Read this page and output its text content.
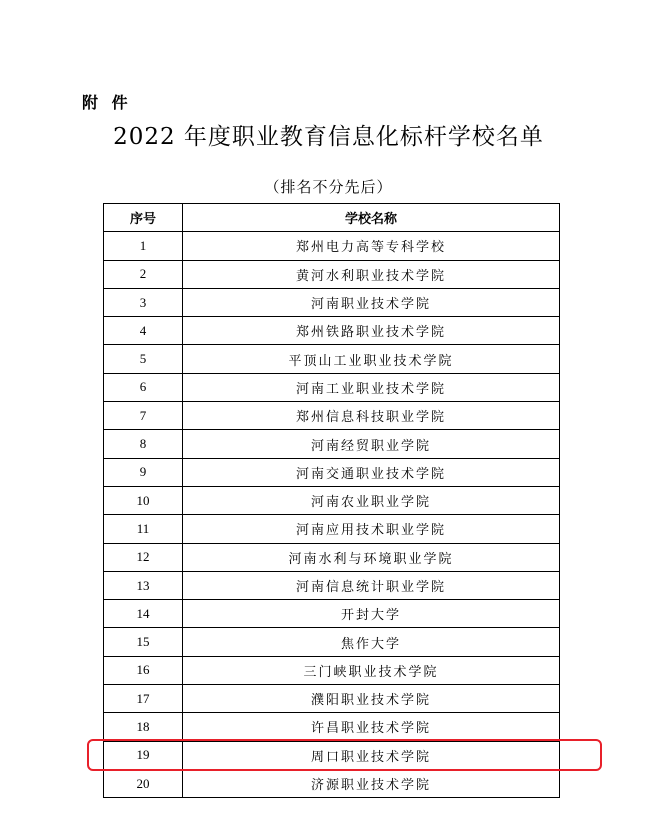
附 件
2022 年度职业教育信息化标杆学校名单
（排名不分先后）
序号	学校名称
1	郑州电力高等专科学校
2	黄河水利职业技术学院
3	河南职业技术学院
4	郑州铁路职业技术学院
5	平顶山工业职业技术学院
6	河南工业职业技术学院
7	郑州信息科技职业学院
8	河南经贸职业学院
9	河南交通职业技术学院
10	河南农业职业学院
11	河南应用技术职业学院
12	河南水利与环境职业学院
13	河南信息统计职业学院
14	开封大学
15	焦作大学
16	三门峡职业技术学院
17	濮阳职业技术学院
18	许昌职业技术学院
19	周口职业技术学院
20	济源职业技术学院
